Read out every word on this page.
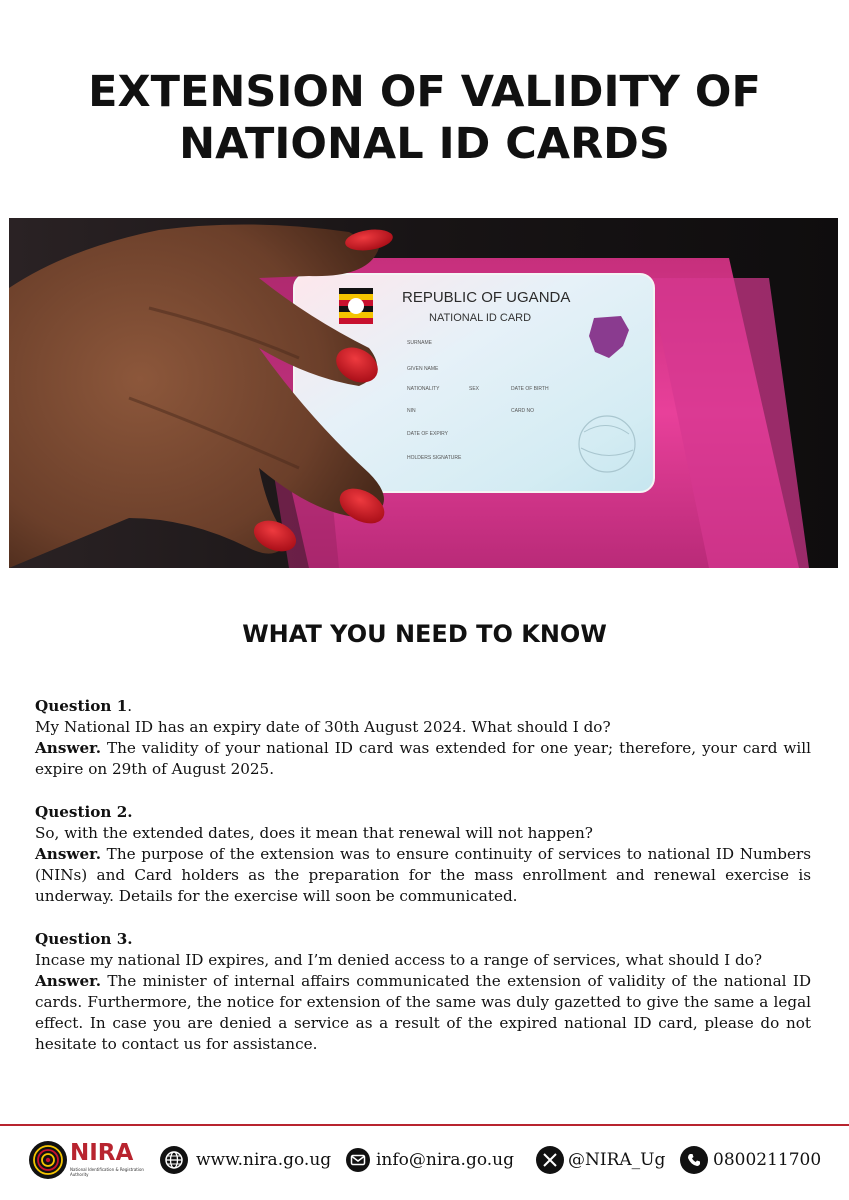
EXTENSION OF VALIDITY OF
NATIONAL ID CARDS
REPUBLIC OF UGANDA
NATIONAL ID CARD
SURNAME
GIVEN NAME
NATIONALITY	SEX	DATE OF BIRTH
NIN	CARD NO
DATE OF EXPIRY
HOLDERS SIGNATURE
WHAT YOU NEED TO KNOW

Question 1.

My National ID has an expiry date of 30th August 2024. What should I do?

Answer. The validity of your national ID card was extended for one year; therefore, your card will expire on 29th of August 2025.

Question 2.

So, with the extended dates, does it mean that renewal will not happen?

Answer. The purpose of the extension was to ensure continuity of services to national ID Numbers (NINs) and Card holders as the preparation for the mass enrollment and renewal exercise is underway. Details for the exercise will soon be communicated.

Question 3.

Incase my national ID expires, and I’m denied access to a range of services, what should I do?

Answer. The minister of internal affairs communicated the extension of validity of the national ID cards. Furthermore, the notice for extension of the same was duly gazetted to give the same a legal effect. In case you are denied a service as a result of the expired national ID card, please do not hesitate to contact us for assistance.

NIRA
National Identification & Registration Authority
www.nira.go.ug	info@nira.go.ug	@NIRA_Ug	0800211700
